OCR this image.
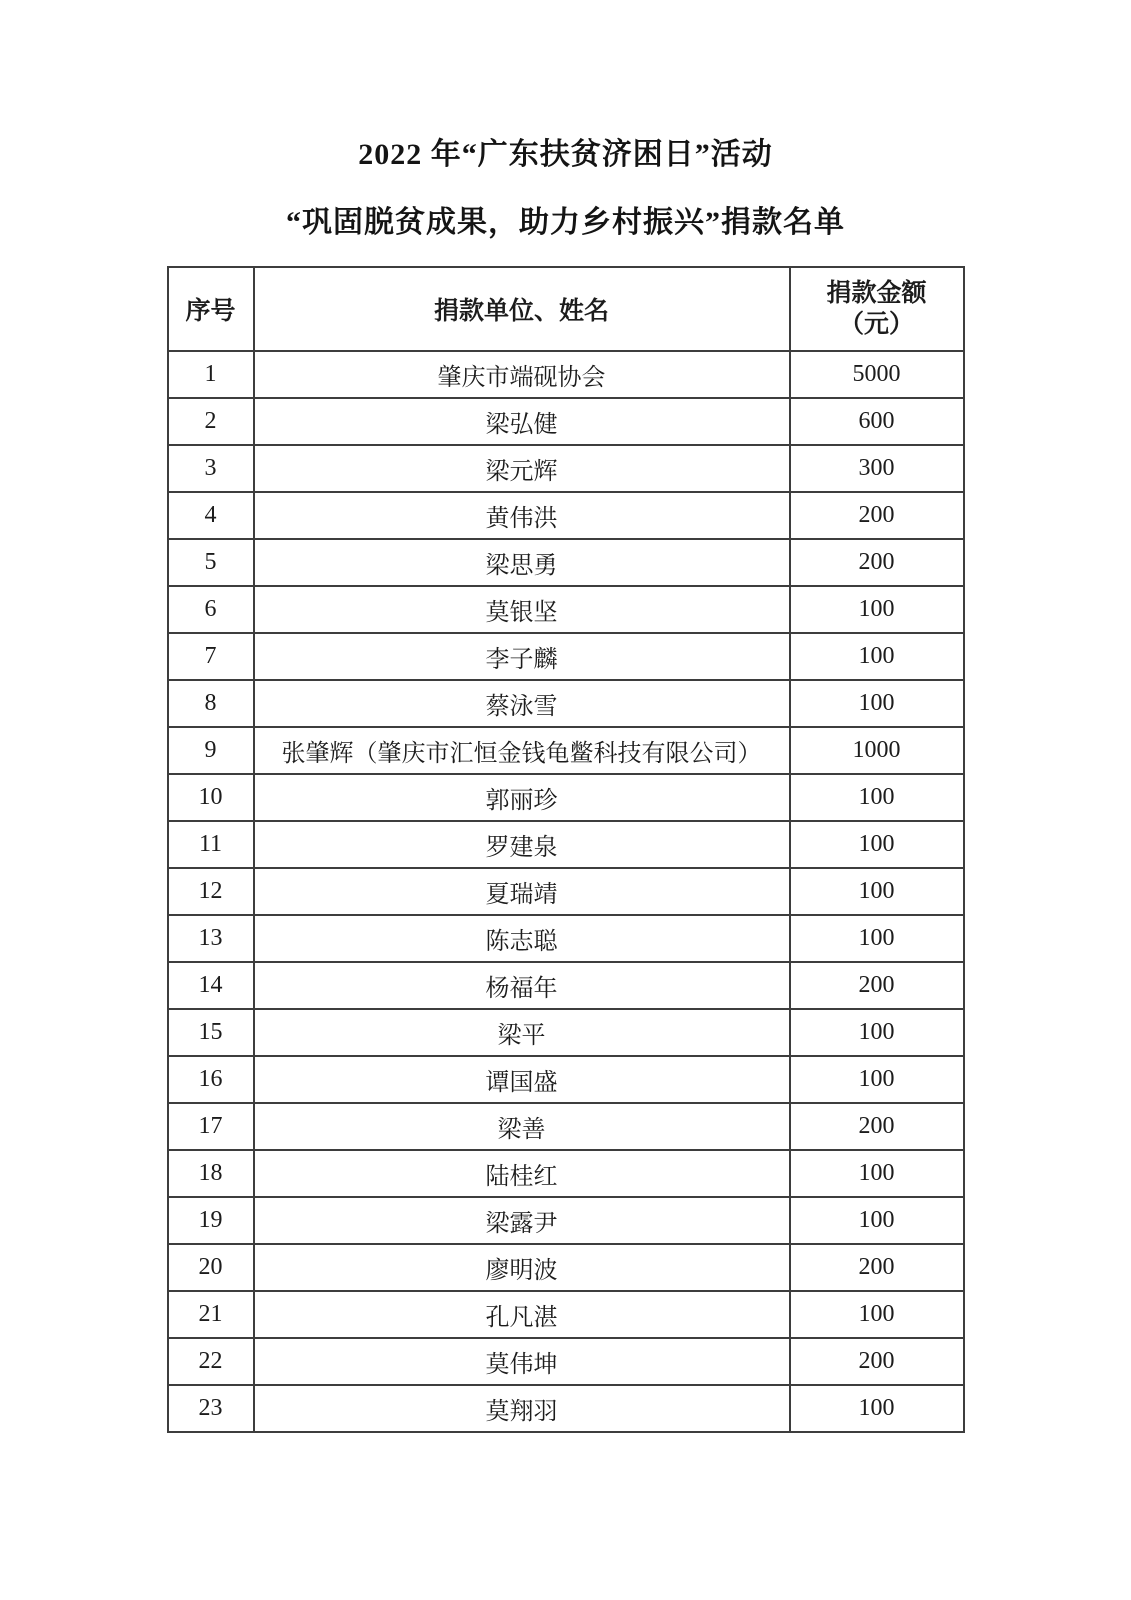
2022 年“广东扶贫济困日”活动
“巩固脱贫成果，助力乡村振兴”捐款名单
序号	捐款单位、姓名	捐款金额
（元）

1	肇庆市端砚协会	5000
2	梁弘健	600
3	梁元辉	300
4	黄伟洪	200
5	梁思勇	200
6	莫银坚	100
7	李子麟	100
8	蔡泳雪	100
9	张肇辉（肇庆市汇恒金钱龟鳖科技有限公司）	1000
10	郭丽珍	100
11	罗建泉	100
12	夏瑞靖	100
13	陈志聪	100
14	杨福年	200
15	梁平	100
16	谭国盛	100
17	梁善	200
18	陆桂红	100
19	梁露尹	100
20	廖明波	200
21	孔凡湛	100
22	莫伟坤	200
23	莫翔羽	100
